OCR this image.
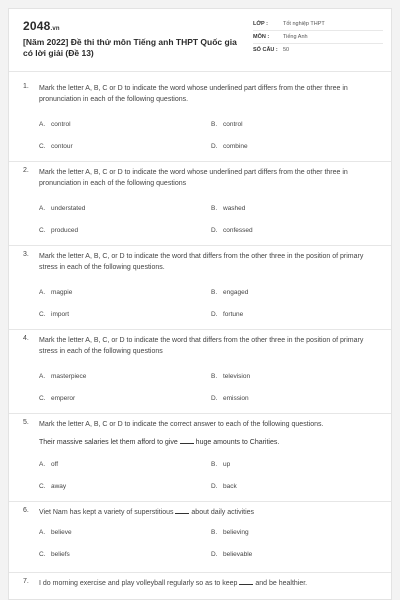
2048.vn
[Năm 2022] Đề thi thử môn Tiếng anh THPT Quốc gia có lời giải (Đề 13)
LỚP :	Tốt nghiệp THPT
MÔN :	Tiếng Anh
SỐ CÂU : 50
1. Mark the letter A, B, C or D to indicate the word whose underlined part differs from the other three in pronunciation in each of the following questions.
A. control	B. control
C. contour	D. combine
2. Mark the letter A, B, C or D to indicate the word whose underlined part differs from the other three in pronunciation in each of the following questions
A. understated	B. washed
C. produced	D. confessed
3. Mark the letter A, B, C, or D to indicate the word that differs from the other three in the position of primary stress in each of the following questions.
A. magpie	B. engaged
C. import	D. fortune
4. Mark the letter A, B, C, or D to indicate the word that differs from the other three in the position of primary stress in each of the following questions
A. masterpiece	B. television
C. emperor	D. emission
5. Mark the letter A, B, C or D to indicate the correct answer to each of the following questions.
Their massive salaries let them afford to give	huge amounts to Charities.
A. off	B. up
C. away	D. back
6. Viet Nam has kept a variety of superstitious	about daily activities
A. believe	B. believing
C. beliefs	D. believable
7. I do morning exercise and play volleyball regularly so as to keep	and be healthier.
